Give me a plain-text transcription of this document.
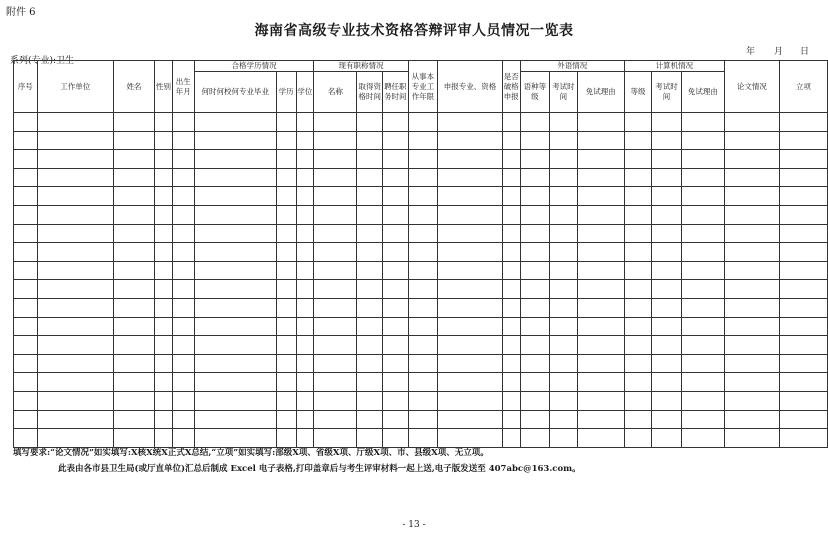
附件 6
海南省高级专业技术资格答辩评审人员情况一览表
年 月 日
系列(专业):卫生
序号	工作单位	姓名	性别	出生年月	合格学历情况			现有职称情况			从事本专业工作年限	申报专业、资格	是否破格申报	外语情况			计算机情况			论文情况	立项
					何时何校何专业毕业	学历	学位	名称	取得资格时间	聘任职务时间				语种等级	考试时间	免试理由	等级	考试时间	免试理由		

填写要求:“论文情况”如实填写:X核X统X正式X总结,“立项”如实填写:部级X项、省级X项、厅级X项、市、县级X项、无立项。
此表由各市县卫生局(或厅直单位)汇总后制成 Excel 电子表格,打印盖章后与考生评审材料一起上送,电子版发送至 407abc@163.com。
- 13 -
